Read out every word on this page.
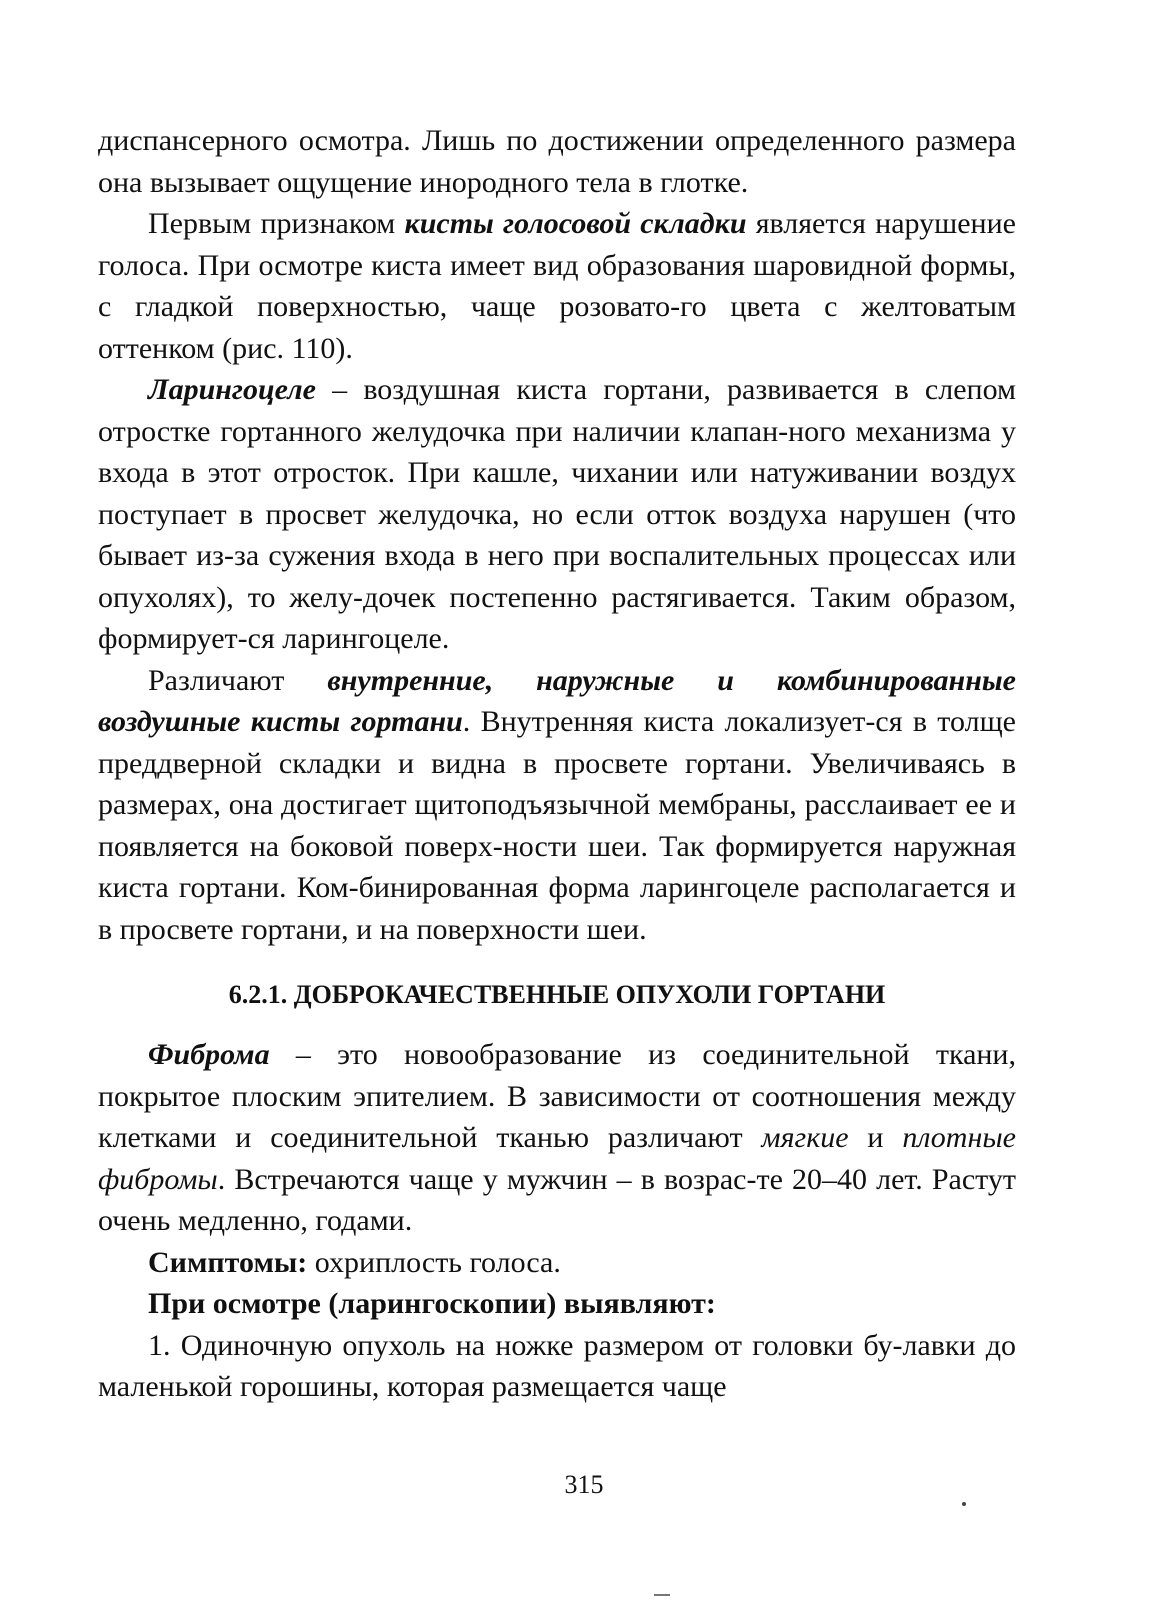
диспансерного осмотра. Лишь по достижении определенного размера она вызывает ощущение инородного тела в глотке.

Первым признаком кисты голосовой складки является нарушение голоса. При осмотре киста имеет вид образования шаровидной формы, с гладкой поверхностью, чаще розовато-го цвета с желтоватым оттенком (рис. 110).

Ларингоцеле – воздушная киста гортани, развивается в слепом отростке гортанного желудочка при наличии клапан-ного механизма у входа в этот отросток. При кашле, чихании или натуживании воздух поступает в просвет желудочка, но если отток воздуха нарушен (что бывает из-за сужения входа в него при воспалительных процессах или опухолях), то желу-дочек постепенно растягивается. Таким образом, формирует-ся ларингоцеле.

Различают внутренние, наружные и комбинированные воздушные кисты гортани. Внутренняя киста локализует-ся в толще преддверной складки и видна в просвете гортани. Увеличиваясь в размерах, она достигает щитоподъязычной мембраны, расслаивает ее и появляется на боковой поверх-ности шеи. Так формируется наружная киста гортани. Ком-бинированная форма ларингоцеле располагается и в просвете гортани, и на поверхности шеи.

6.2.1. ДОБРОКАЧЕСТВЕННЫЕ ОПУХОЛИ ГОРТАНИ

Фиброма – это новообразование из соединительной ткани, покрытое плоским эпителием. В зависимости от соотношения между клетками и соединительной тканью различают мягкие и плотные фибромы. Встречаются чаще у мужчин – в возрас-те 20–40 лет. Растут очень медленно, годами.

Симптомы: охриплость голоса.

При осмотре (ларингоскопии) выявляют:

1. Одиночную опухоль на ножке размером от головки бу-лавки до маленькой горошины, которая размещается чаще

315
